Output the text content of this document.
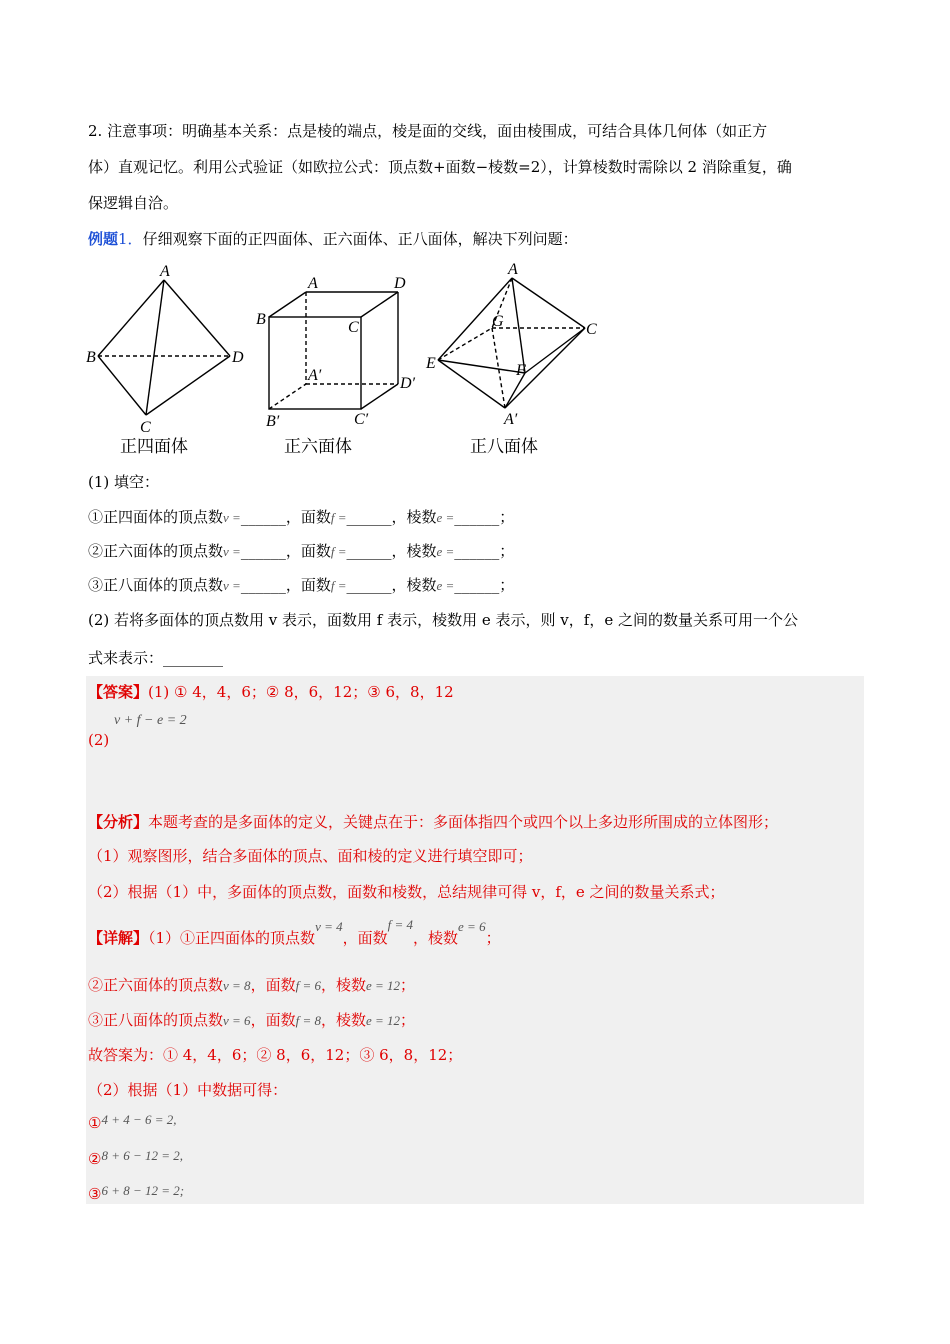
2. 注意事项：明确基本关系：点是棱的端点，棱是面的交线，面由棱围成，可结合具体几何体（如正方
体）直观记忆。利用公式验证（如欧拉公式：顶点数+面数−棱数=2），计算棱数时需除以 2 消除重复，确
保逻辑自洽。
例题1．仔细观察下面的正四面体、正六面体、正八面体，解决下列问题：
A
B
C
D
A
B	C
D
A′
B′	C′
D′
A
C
E	F
G
A′
正四面体	正六面体	正八面体
(1) 填空：
①正四面体的顶点数v =______，面数f =______，棱数e =______；
②正六面体的顶点数v =______，面数f =______，棱数e =______；
③正八面体的顶点数v =______，面数f =______，棱数e =______；
(2) 若将多面体的顶点数用 v 表示，面数用 f 表示，棱数用 e 表示，则 v，f，e 之间的数量关系可用一个公
式来表示：________
【答案】(1) ① 4，4，6；② 8，6，12；③ 6，8，12
v + f − e = 2
(2)
【分析】本题考查的是多面体的定义，关键点在于：多面体指四个或四个以上多边形所围成的立体图形；
（1）观察图形，结合多面体的顶点、面和棱的定义进行填空即可；
（2）根据（1）中，多面体的顶点数，面数和棱数，总结规律可得 v，f，e 之间的数量关系式；
【详解】（1）①正四面体的顶点数v = 4，面数f = 4，棱数e = 6；
②正六面体的顶点数v = 8，面数f = 6，棱数e = 12；
③正八面体的顶点数v = 6，面数f = 8，棱数e = 12；
故答案为：① 4，4，6；② 8，6，12；③ 6，8，12；
（2）根据（1）中数据可得：
①4 + 4 − 6 = 2,
②8 + 6 − 12 = 2,
③6 + 8 − 12 = 2;
